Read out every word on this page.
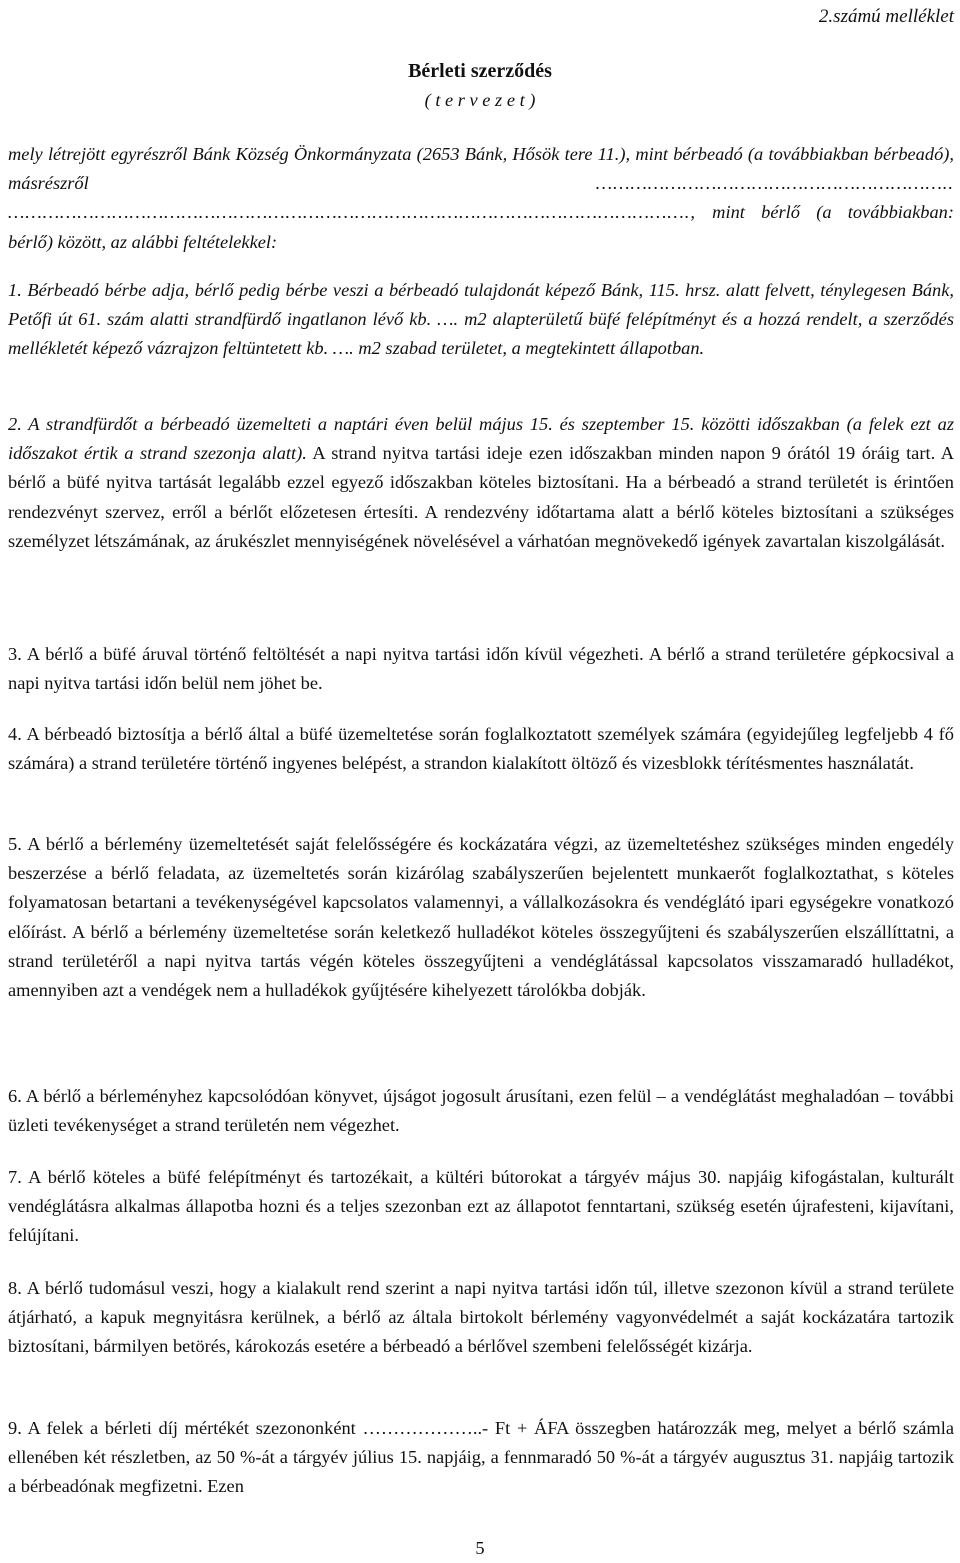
2.számú melléklet
Bérleti szerződés
( t e r v e z e t )

mely létrejött egyrészről Bánk Község Önkormányzata (2653 Bánk, Hősök tere 11.), mint bérbeadó (a továbbiakban bérbeadó), másrészről	…………………………………………………….. ………………………………………………………………………………………………………., mint bérlő (a továbbiakban: bérlő) között, az alábbi feltételekkel:

1. Bérbeadó bérbe adja, bérlő pedig bérbe veszi a bérbeadó tulajdonát képező Bánk, 115. hrsz. alatt felvett, ténylegesen Bánk, Petőfi út 61. szám alatti strandfürdő ingatlanon lévő kb. …. m2 alapterületű büfé felépítményt és a hozzá rendelt, a szerződés mellékletét képező vázrajzon feltüntetett kb. …. m2 szabad területet, a megtekintett állapotban.

2. A strandfürdőt a bérbeadó üzemelteti a naptári éven belül május 15. és szeptember 15. közötti időszakban (a felek ezt az időszakot értik a strand szezonja alatt). A strand nyitva tartási ideje ezen időszakban minden napon 9 órától 19 óráig tart. A bérlő a büfé nyitva tartását legalább ezzel egyező időszakban köteles biztosítani. Ha a bérbeadó a strand területét is érintően rendezvényt szervez, erről a bérlőt előzetesen értesíti. A rendezvény időtartama alatt a bérlő köteles biztosítani a szükséges személyzet létszámának, az árukészlet mennyiségének növelésével a várhatóan megnövekedő igények zavartalan kiszolgálását.

3. A bérlő a büfé áruval történő feltöltését a napi nyitva tartási időn kívül végezheti. A bérlő a strand területére gépkocsival a napi nyitva tartási időn belül nem jöhet be.

4. A bérbeadó biztosítja a bérlő által a büfé üzemeltetése során foglalkoztatott személyek számára (egyidejűleg legfeljebb 4 fő számára) a strand területére történő ingyenes belépést, a strandon kialakított öltöző és vizesblokk térítésmentes használatát.

5. A bérlő a bérlemény üzemeltetését saját felelősségére és kockázatára végzi, az üzemeltetéshez szükséges minden engedély beszerzése a bérlő feladata, az üzemeltetés során kizárólag szabályszerűen bejelentett munkaerőt foglalkoztathat, s köteles folyamatosan betartani a tevékenységével kapcsolatos valamennyi, a vállalkozásokra és vendéglátó ipari egységekre vonatkozó előírást. A bérlő a bérlemény üzemeltetése során keletkező hulladékot köteles összegyűjteni és szabályszerűen elszállíttatni, a strand területéről a napi nyitva tartás végén köteles összegyűjteni a vendéglátással kapcsolatos visszamaradó hulladékot, amennyiben azt a vendégek nem a hulladékok gyűjtésére kihelyezett tárolókba dobják.

6. A bérlő a bérleményhez kapcsolódóan könyvet, újságot jogosult árusítani, ezen felül – a vendéglátást meghaladóan – további üzleti tevékenységet a strand területén nem végezhet.

7. A bérlő köteles a büfé felépítményt és tartozékait, a kültéri bútorokat a tárgyév május 30. napjáig kifogástalan, kulturált vendéglátásra alkalmas állapotba hozni és a teljes szezonban ezt az állapotot fenntartani, szükség esetén újrafesteni, kijavítani, felújítani.

8. A bérlő tudomásul veszi, hogy a kialakult rend szerint a napi nyitva tartási időn túl, illetve szezonon kívül a strand területe átjárható, a kapuk megnyitásra kerülnek, a bérlő az általa birtokolt bérlemény vagyonvédelmét a saját kockázatára tartozik biztosítani, bármilyen betörés, károkozás esetére a bérbeadó a bérlővel szembeni felelősségét kizárja.

9. A felek a bérleti díj mértékét szezononként ………………..- Ft + ÁFA összegben határozzák meg, melyet a bérlő számla ellenében két részletben, az 50 %-át a tárgyév július 15. napjáig, a fennmaradó 50 %-át a tárgyév augusztus 31. napjáig tartozik a bérbeadónak megfizetni. Ezen

5
